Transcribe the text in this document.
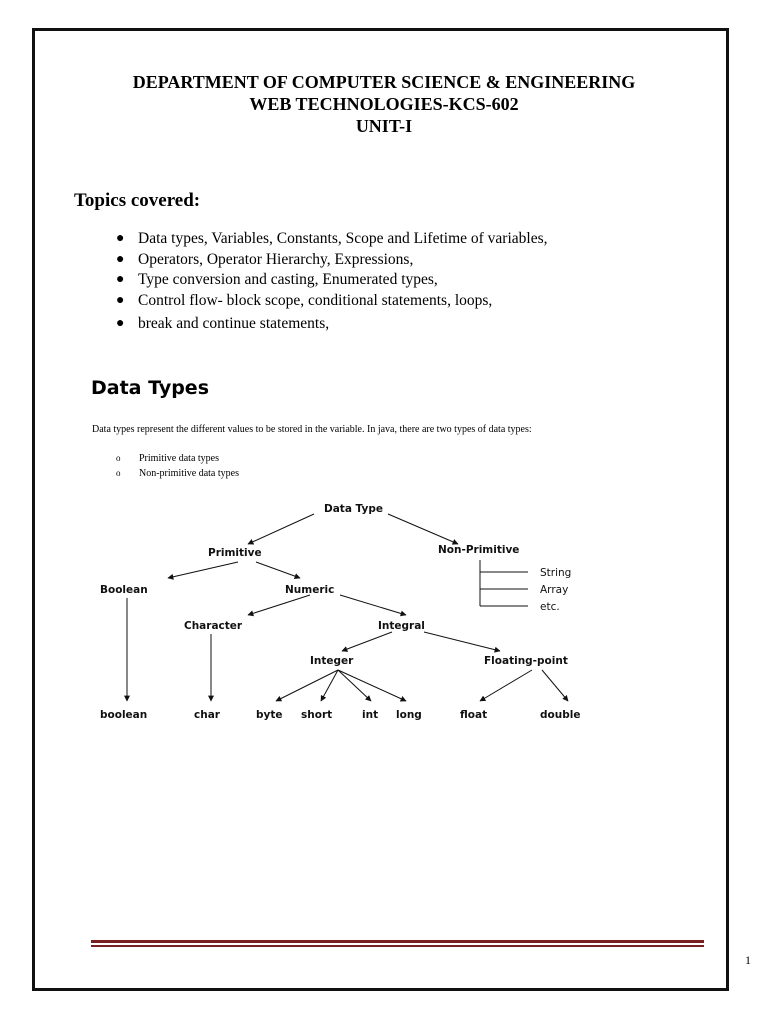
DEPARTMENT OF COMPUTER SCIENCE & ENGINEERING
WEB TECHNOLOGIES-KCS-602
UNIT-I
Topics covered:
● Data types, Variables, Constants, Scope and Lifetime of variables,
● Operators, Operator Hierarchy, Expressions,
● Type conversion and casting, Enumerated types,
● Control flow- block scope, conditional statements, loops,
● break and continue statements,
Data Types
Data types represent the different values to be stored in the variable. In java, there are two types of data types:
o Primitive data types
o Non-primitive data types
Data Type
Primitive	Non-Primitive
Boolean	Numeric
Character	Integral
Integer	Floating-point
String
Array
etc.
boolean	char	byte short	int long	float	double
1
